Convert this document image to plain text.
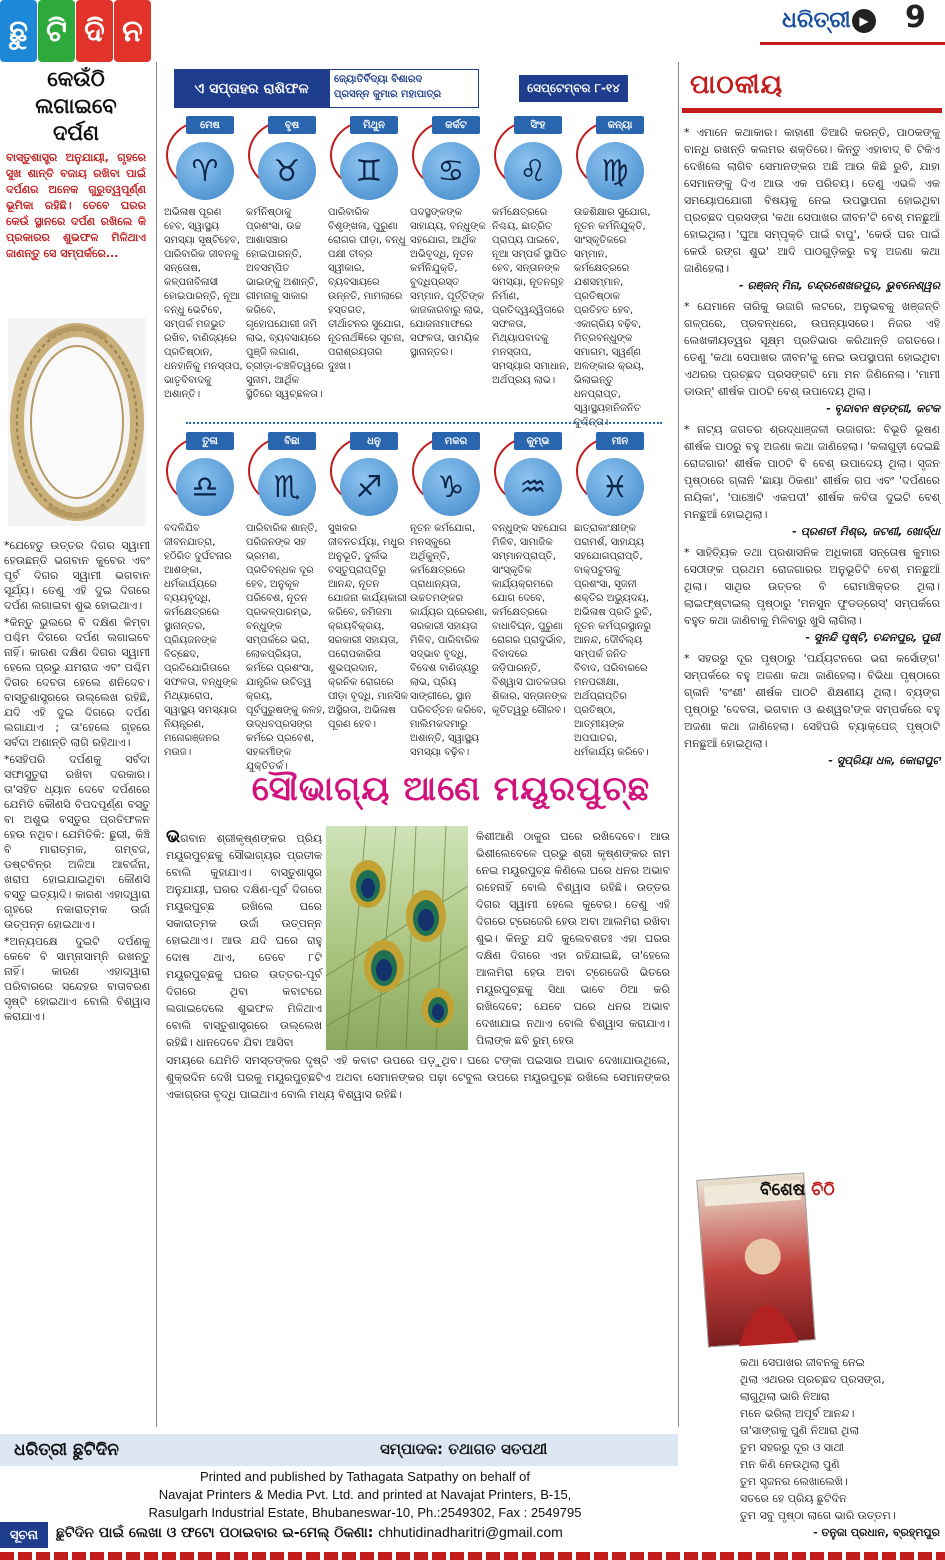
ଛୁ ଟି ଦି ନ	ଧରିତ୍ରୀ ▶ 9
କେଉଁଠି ଲଗାଇବେ ଦର୍ପଣ
ବାସ୍ତୁଶାସ୍ତ୍ର ଅନୁଯାୟୀ, ଗୃହରେ ସୁଖ ଶାନ୍ତି ବଜାୟ ରଖିବା ପାଇଁ ଦର୍ପଣର ଅନେକ ଗୁରୁତ୍ୱପୂର୍ଣ୍ଣ ଭୂମିକା ରହିଛି। ତେବେ ଘରର କେଉଁ ସ୍ଥାନରେ ଦର୍ପଣ ରଖିଲେ କି ପ୍ରକାରର ଶୁଭଫଳ ମିଳିଥାଏ ଜାଣନ୍ତୁ ସେ ସମ୍ପର୍କରେ...

*ଯେହେତୁ ଉତ୍ତର ଦିଗର ସ୍ୱାମୀ ହେଉଛନ୍ତି ଭଗବାନ କୁବେର ଏବଂ ପୂର୍ବ ଦିଗର ସ୍ୱାମୀ ଭଗବାନ ସୂର୍ଯ୍ୟ। ତେଣୁ ଏହି ଦୁଇ ଦିଗରେ ଦର୍ପଣ ଲଗାଇବା ଶୁଭ ହୋଇଥାଏ।

*କିନ୍ତୁ ଭୁଲରେ ବି ଦକ୍ଷିଣ କିମ୍ବା ପଶ୍ଚିମ ଦିଗରେ ଦର୍ପଣ ଲଗାଇବେ ନାହିଁ। କାରଣ ଦକ୍ଷିଣ ଦିଗର ସ୍ୱାମୀ ହେଲେ ପ୍ରଭୁ ଯମରାଜ ଏବଂ ପଶ୍ଚିମ ଦିଗର ଦେବତା ହେଲେ ଶନିଦେବ। ବାସ୍ତୁଶାସ୍ତ୍ରରେ ଉଲ୍ଲେଖ ରହିଛି, ଯଦି ଏହି ଦୁଇ ଦିଗରେ ଦର୍ପଣ ଲଗାଯାଏ ; ତା'ହେଲେ ଗୃହରେ ସର୍ବଦା ଅଶାନ୍ତି ଲାଗି ରହିଥାଏ।

*ସେହିପରି ଦର୍ପଣକୁ ସର୍ବଦା ସଫାସୁତୁରା ରଖିବା ଦରକାର। ତା'ସହିତ ଧ୍ୟାନ ଦେବେ ଦର୍ପଣରେ ଯେମିତି କୌଣସି ବିପଦପୂର୍ଣ୍ଣ ବସ୍ତୁ ବା ଅଶୁଭ ବସ୍ତୁର ପ୍ରତିଫଳନ ହେଉ ନଥିବ। ଯେମିତିକି: ଛୁରୀ, କିଞ୍ଚି ବି ମାରାତ୍ମକ, ଗମ୍ବଜ, ଡଷ୍ଟବିନ୍‌ର ଅଳିଆ ଆବର୍ଜନା, ଖରାପ ହୋଇଯାଇଥିବା କୌଣସି ବସ୍ତୁ ଇତ୍ୟାଦି। କାରଣ ଏହାଦ୍ୱାରା ଗୃହରେ ନକାରାତ୍ମକ ଉର୍ଜା ଉତ୍ପନ୍ନ ହୋଇଥାଏ।

*ଅନ୍ୟପକ୍ଷେ ଦୁଇଟି ଦର୍ପଣକୁ କେବେ ବି ସାମ୍ନାସାମ୍ନି ରଖନ୍ତୁ ନାହିଁ। କାରଣ ଏହାଦ୍ୱାରା ପରିବାରରେ ସନ୍ଦେହର ବାତାବରଣ ସୃଷ୍ଟି ହୋଇଥାଏ ବୋଲି ବିଶ୍ୱାସ କରାଯାଏ।

ଏ ସପ୍ତାହର ରାଶିଫଳ
ଜ୍ୟୋତିର୍ବିଦ୍ୟା ବିଶାରଦ
ପ୍ରସନ୍ନ କୁମାର ମହାପାତ୍ର	ସେପ୍ଟେମ୍ବର ୮-୧୪
ମେଷ
♈
ଅଭିଳାଷ ପୂରଣ ହେବ, ସ୍ୱାସ୍ଥ୍ୟ ସମସ୍ୟା ସୃଷ୍ଟିହେବ, ପାରିବାରିକ ଜୀବନକୁ ସନ୍ତୋଷ, କଳ୍ପନାବିଳାସୀ ହୋଇପାରନ୍ତି, ନୂଆ ବନ୍ଧୁ ଭେଟିବେ, ସମ୍ପର୍କ ମଜଭୁତ ରଖିବ, ବାଣିଜ୍ୟରେ ପ୍ରତିଷ୍ଠାନ, ଧନହାନିକୁ ମନସ୍ତାପ, ଭାତୃବିବାଦକୁ ଅଶାନ୍ତି।
ବୃଷ
♉
କର୍ମନିଷ୍ଠାକୁ ପ୍ରଶଂସା, ଉଚ୍ଚ ଆଶାସଞ୍ଚାର ହୋଇପାରନ୍ତି, ଅବସମ୍ପିତ ଭାଇଙ୍କୁ ଅଶାନ୍ତି, ଗୀମନାକୁ ସାକାର କରିବେ, ଗୃହୋପଯୋଗୀ ଜମି ଲାଭ, ବ୍ୟବସାୟରେ ପୁଞ୍ଜି ଲଗାଣ, ଚ୍ରୀଡ଼ା-ଚଞ୍ଚଳିତ୍ୱରେ ସୁନାମ, ଆର୍ଥିକ ସ୍ଥିତିରେ ସ୍ୱଚ୍ଛଳତା।
ମିଥୁନ
♊
ପାରିବାରିକ ବିଶୃଙ୍ଖଳା, ପୁରୁଣା ରୋଗର ପୀଡ଼ା, ବନ୍ଧୁ ପକ୍ଷୀ ତୀବ୍ର ସ୍ୱୀକାର, ବ୍ୟବସାୟରେ ଉନ୍ନତି, ମାମଲାରେ ହସ୍ତଗତ, ତୀର୍ଥାଟନର ସୁଯୋଗ, ନୂତନାର୍ଥଜ୍ଞିରେ ସୂଚନା, ପରାଶ୍ରୟତାର ଦୁଃଖ।
କର୍କଟ
♋
ପଦସ୍ଥଙ୍କଙ୍କ ସାହାଯ୍ୟ, ବନ୍ଧୁଙ୍କ ସହଯୋଗ, ଆର୍ଥିକ ଅଭିବୃଦ୍ଧି, ନୂତନ କର୍ମନିଯୁକ୍ତି, ବୁଦ୍ଧିପ୍ରସ୍ତ ସମ୍ମାନ, ପୂର୍ତ୍ତିଙ୍କ କାଜକାରବାରୁ ଲାଭ, ଯୋଜନାମାଫରେ ସଫଳତା, ସାମୟିକ ସ୍ଥାନାନ୍ତର।
ସିଂହ
♌
କର୍ମକ୍ଷେତ୍ରରେ ନିଶ୍ଚୟ, ଛାତ୍ରିତ ପ୍ରାପ୍ୟ ପାଇବେ, ନୂଆ ସମ୍ପର୍କ ସ୍ଥାପିତ ହେବ, ସନ୍ତାନଙ୍କ ସମସ୍ୟା, ନୂତନଗୃହ ନିର୍ମାଣ, ପ୍ରତିଦ୍ୱନ୍ଦ୍ୱିତାରେ ସଫଳତା, ମିଥ୍ୟାପବାଦକୁ ମନସ୍ତାପ, ସମସ୍ୟାର ସମାଧାନ, ଅର୍ଥପ୍ରୟ ଲାଭ।
କନ୍ୟା
♍
ଉଚ୍ଚଶିକ୍ଷାର ସୁଯୋଗ, ନୂତନ କର୍ମନିଯୁକ୍ତି, ସାଂସ୍କୃତିକରେ ସମ୍ମାନ, କର୍ମକ୍ଷେତ୍ରରେ ଯଶସମ୍ମାନ, ପ୍ରତିଷ୍ଠାକ ପ୍ରତିହତ ହେବ, ଏକାଗ୍ରିୟ ବଢ଼ିବ, ମିତ୍ରବନ୍ଧୁଙ୍କ ସମାଗମ, ସ୍ୱର୍ଣ୍ଣ ଅଳଙ୍କାର କ୍ରୟ, ଭିଲାଇନ୍ତୁ ଧନପ୍ରାପ୍ତ, ସ୍ୱାସ୍ଥ୍ୟହାନିଜନିତ ଦୁଶ୍ଚିନ୍ତା।
ତୁଳା
♎
ବଦଳିଯିବ ଜୀବନଯାତ୍ରା, ହଠିରିତ ଦୁର୍ଘଟନାର ଆଶଙ୍କା, ଧର୍ମକାର୍ଯ୍ୟରେ ବ୍ୟୟବୃଦ୍ଧି, କର୍ମକ୍ଷେତ୍ରରେ ସ୍ଥାନାନ୍ତର, ପ୍ରିୟଜନଙ୍କ ବିଚ୍ଛେଦ, ପ୍ରତିଯୋଗିତାରେ ସଫଳତା, ବନ୍ଧୁଙ୍କ ମିଥ୍ୟାରୋପ, ସ୍ୱାସ୍ଥ୍ୟ ସମସ୍ୟାର ନିୟନ୍ତ୍ରଣ, ମନୋରଞ୍ଜନର ମଉଜ।
ବିଛା
♏
ପାରିବାରିକ ଶାନ୍ତି, ପରିଜନଙ୍କ ସହ ଭ୍ରମଣ, ପ୍ରତିବନ୍ଧକ ଦୂର ହେବ, ଅନୁକୂଳ ପରିବେଶ, ନୂତନ ପ୍ରକଳ୍ପାରମ୍ଭ, ବନ୍ଧୁଙ୍କ ସମ୍ପର୍କରେ ଭରା, ଲୋକପ୍ରିୟତା, କର୍ମରେ ପ୍ରଶଂସା, ଯାନ୍ତ୍ରିକ ଉଚିତ୍ୱ କ୍ରୟ, ପୂର୍ବପୁରୁଷଙ୍କୁ କଳହ, ଉଦ୍ଧବପ୍ରସଙ୍ଗ କର୍ମରେ ପ୍ରବେଶ, ସହକର୍ମୀଙ୍କ ଯୁକ୍ତିତର୍କ।
ଧନୁ
♐
ସୁଖକର ଜୀବନଚର୍ଯ୍ୟା, ମଧୁର ଅନୁଭୂତି, ଦୁର୍ଲଭ ବସ୍ତୁପ୍ରାପ୍ତିରୁ ଆନନ୍ଦ, ନୂତନ ଯୋଜନା କାର୍ଯ୍ୟକାରୀ କରିବେ, ଜମିଜମା କ୍ରୟବିକ୍ରୟ, ସରକାରୀ ସହାୟତା, ପରୋପକାରିତା ଶୁଭପ୍ରଦାନ, କ୍ରନିକ ରୋଗରେ ପୀଡ଼ା ବୃଦ୍ଧି, ମାନସିକ ଅସ୍ଥିରତା, ଅଭିଳାଷ ପୂରଣ ହେବ।
ମକର
♑
ନୂତନ କର୍ମଯୋଗ, ମନସ୍କୁରେ ଅର୍ଥିକୁନ୍ତି, କର୍ମକ୍ଷେତ୍ରରେ ପ୍ରାଧାନ୍ୟତା, ଉଚ୍ଚତମଙ୍କର କାର୍ଯ୍ୟର ପ୍ରେରଣା, ସରକାରୀ ସହାୟତା ମିଳିବ, ପାରିବାରିକ ସଦ୍ଭାବ ବୃଦ୍ଧି, ବିଦେଶ ବାଣିଜ୍ୟରୁ ଲାଭ, ପ୍ରିୟ ସାଙ୍ଗୀରେ, ସ୍ଥାନ ପରିବର୍ତ୍ତନ କରିବେ, ମାଲିମକଦମାରୁ ଅଶାନ୍ତି, ସ୍ୱାସ୍ଥ୍ୟ ସମସ୍ୟା ବଢ଼ିବ।
କୁମ୍ଭ
♒
ବନ୍ଧୁଙ୍କ ସହଯୋଗ ମିଳିବ, ସାମାଜିକ ସମ୍ମାନପ୍ରାପ୍ତି, ସାଂସ୍କୃତିକ କାର୍ଯ୍ୟକ୍ରମରେ ଯୋଗ ଦେବେ, କର୍ମକ୍ଷେତ୍ରରେ ବାଧାବିଘ୍ନ, ପୁରୁଣା ରୋଗର ପ୍ରାଦୁର୍ଭାବ, ବିବାଦରେ ଜଡ଼ିପାରନ୍ତି, ବିଶ୍ୱାସ ଘାତକତାର ଶିକାର, ସନ୍ତାନଙ୍କ କୃତିତ୍ୱରୁ ଗୌରବ।
ମୀନ
♓
ଛାତ୍ରାକାଂକ୍ଷୀଙ୍କ ପରାମର୍ଶ, ସାହାଯ୍ୟ ସହଯୋଗପ୍ରାପ୍ତି, ବାକ୍ପଟୁତାକୁ ପ୍ରଶଂସା, ସୃଜନୀ ଶକ୍ତିର ଅଭ୍ୟୁଦୟ, ଅଭିଳାଷ ପ୍ରତି ରୁଚି, ନୂତନ କର୍ମପ୍ରସ୍ଥାନରୁ ଆନନ୍ଦ, ଦୌର୍ବଲ୍ୟ ସମ୍ପର୍କ ଜନିତ ବିବାଦ, ପରିବାରରେ ମନପରୀକ୍ଷା, ଅର୍ଥପ୍ରାପ୍ତିର ପ୍ରତିଷ୍ଠା, ଆତ୍ମୀୟଙ୍କ ଅପଘାତର, ଧର୍ମକାର୍ଯ୍ୟ କରିବେ।
ସୌଭାଗ୍ୟ ଆଣେ ମୟୂରପୁଚ୍ଛ
ଭଗବାନ ଶ୍ରୀକୃଷ୍ଣଙ୍କର ପ୍ରିୟ ମୟୂରପୁଚ୍ଛକୁ ସୌଭାଗ୍ୟର ପ୍ରତୀକ ବୋଲି କୁହାଯାଏ। ବାସ୍ତୁଶାସ୍ତ୍ର ଅନୁଯାୟୀ, ଘରର ଦକ୍ଷିଣ-ପୂର୍ବ ଦିଗରେ ମୟୂରପୁଚ୍ଛ ରଖିଲେ ଘରେ ସକାରାତ୍ମକ ଉର୍ଜା ଉତ୍ପନ୍ନ ହୋଇଥାଏ। ଆଉ ଯଦି ଘରେ ରାହୁ ଦୋଷ ଥାଏ, ତେବେ ୮ଟି ମୟୂରପୁଚ୍ଛକୁ ଘରର ଉତ୍ତର-ପୂର୍ବ ଦିଗରେ ଥିବା କବାଟରେ ଲଗାଇଦେଲେ ଶୁଭଫଳ ମିଳିଥାଏ ବୋଲି ବାସ୍ତୁଶାସ୍ତ୍ରରେ ଉଲ୍ଲେଖ ରହିଛି। ଧାନଦେବେ ଯିବା ଆସିବା
କିଶୀଆଣି ଠାକୁର ଘରେ ରଖିଦେବେ। ଆଉ ଭିଶୀଲେବେଳେ ପ୍ରଭୁ ଶ୍ରୀ କୃଷ୍ଣଙ୍କର ନାମ ନେଇ ମୟୂରପୁଚ୍ଛ କିଣିଲେ ଘରେ ଧନର ଅଭାବ ରହେନାହିଁ ବୋଲି ବିଶ୍ୱାସ ରହିଛି। ଉତ୍ତର ଦିଗର ସ୍ୱାମୀ ହେଲେ କୁବେର। ତେଣୁ ଏହି ଦିଗରେ ଟ୍ରେଜେରି ହେଉ ଅବା ଆଲମିରା ରଖିବା ଶୁଭ। କିନ୍ତୁ ଯଦି କୁଲେବଶତଃ ଏହା ଘରର ଦକ୍ଷିଣ ଦିଗରେ ଏହା ରହିଯାଇଛି, ତା'ହେଲେ ଆଲମିରା ହେଉ ଅବା ଟ୍ରେଜେରି ଭିତରେ ମୟୂରପୁଚ୍ଛକୁ ସିଧା ଭାବେ ଠିଆ କରି ରଖିଦେବେ; ଯେବେ ଘରେ ଧନର ଅଭାବ ଦେଖାଯାଇ ନଥାଏ ବୋଲି ବିଶ୍ୱାସ କରାଯାଏ। ପିଲାଙ୍କ ଛବି ରୁମ୍ ହେଉ
ସମୟରେ ଯେମିତି ସମସ୍ତଙ୍କର ଦୃଷ୍ଟି ଏହି କବାଟ ଉପରେ ପଡ଼ୁଥିବ। ଘରେ ଟଙ୍କା ପଇସାର ଅଭାବ ଦେଖାଯାଉଥିଲେ, ଶୁକ୍ରଦିନ ଦେଖି ଘରକୁ ମୟୂରପୁଚ୍ଛଟିଏ ଅଥବା ସେମାନଙ୍କର ପଢ଼ା ଟେବୁଲ ଉପରେ ମୟୂରପୁଚ୍ଛ ରଖିଲେ ସେମାନଙ୍କର ଏକାଗ୍ରତା ବୃଦ୍ଧି ପାଇଥାଏ ବୋଲି ମଧ୍ୟ ବିଶ୍ୱାସ ରହିଛି।
ପାଠକୀୟ
* ଏମାନେ କଥାକାର। କାହାଣୀ ତିଆରି କରନ୍ତି, ପାଠକଙ୍କୁ ବାନ୍ଧି ରଖନ୍ତି କଲମର ଶକ୍ତିରେ। କିନ୍ତୁ ଏହାବାଦ୍ ବି ଟିକିଏ ଦେଖିଲେ ଲାଗିବ ସେମାନଙ୍କର ଅଛି ଆଉ କିଛି ରୁଚି, ଯାହା ସେମାନଙ୍କୁ ଦିଏ ଆଉ ଏକ ପରିଚୟ। ତେଣୁ ଏଭଳି ଏକ ସମୟୋପଯୋଗୀ ବିଷୟକୁ ନେଇ ଉପସ୍ଥାପନା ହୋଇଥିବା ପ୍ରଚ୍ଛଦ ପ୍ରସଙ୍ଗ 'କଥା ସେପାଖର ଜୀବନ'ଟି ବେଶ୍ ମନଛୁଆଁ ହୋଇଥିଲା। 'ଘୁଆ ସମ୍ପୃକ୍ତି ପାଇଁ ବାପୁ', 'କେଉଁ ଘର ପାଇଁ କେଉଁ ରଙ୍ଗ ଶୁଭ' ଆଦି ପାଠଗୁଡ଼ିକରୁ ବହୁ ଅଜଣା କଥା ଜାଣିହେଲା।
- ରଞ୍ଜନ୍ ମିନା, ଚନ୍ଦ୍ରଶେଖରପୁର, ଭୁବନେଶ୍ୱର
* ଯେମାନେ ତାରିକୁ ଉଜାଗି ଲଟରେ, ଅନୁଭବକୁ ଖଞ୍ଜନ୍ତି ଗଳ୍ପରେ, ପ୍ରବନ୍ଧରେ, ଉପନ୍ୟାସରେ। ନିଜର ଏହି ଲେଖକୀୟତ୍ୱର ସୂକ୍ଷ୍ମ ପ୍ରତିଭାର କରିଥାନ୍ତି ଜଗତରେ। ତେଣୁ 'କଥା ସେପାଖର ଜୀବନ'କୁ ନେଇ ଉପସ୍ଥାପନା ହୋଇଥିବା ଏଥରର ପ୍ରଚ୍ଛଦ ପ୍ରସଙ୍ଗଟି ମୋ ମନ ଜିଣିନେଲା। 'ମାମୀ ଡାଉନ୍' ଶୀର୍ଷକ ପାଠଟି ବେଶ୍ ଉପାଦେୟ ଥିଲା।
- ବୃନ୍ଦାବନ ଷଡ଼ଙ୍ଗୀ, କଟକ
* ନାଟ୍ୟ ଜଗତର ଶ୍ରଦ୍ଧାଞ୍ଜଳୀ ଉଜାଗର: ବିଭୂତି ଭୂଷଣ ଶୀର୍ଷକ ପାଠରୁ ବହୁ ଅଜଣା କଥା ଜାଣିହେଲା। 'କଳାଗୁଡ଼ୀ ଦେଇଛି ରୋଜଗାର' ଶୀର୍ଷକ ପାଠଟି ବି ବେଶ୍ ଉପାଦେୟ ଥିଲା। ସୃଜନ ପୃଷ୍ଠାରେ ଗ୍ଳାନି 'ଛାୟା ଠିକଣା' ଶୀର୍ଷକ ଗପ ଏବଂ 'ଦର୍ପଣରେ ନାୟିକା', 'ପାଞ୍ଚୋଟି ଏକପଦୀ' ଶୀର୍ଷକ କବିତା ଦୁଇଟି ବେଶ୍ ମନଛୁଆଁ ହୋଇଥିଲା।
- ପ୍ରଣତୀ ମିଶ୍ର, ଜଟଣୀ, ଖୋର୍ଦ୍ଧା
* ସାହିତ୍ୟିକ ତଥା ପ୍ରଶାସନିକ ଅଧିକାରୀ ସନ୍ତୋଷ କୁମାର ସେଠୀଙ୍କ ପ୍ରଥମ ରୋଜଗାରର ଅନୁଭୂତିଟି ବେଶ୍ ମନଛୁଆଁ ଥିଲା। ସାଥିର ଉତ୍ତର ବି ରୋମାଞ୍ଚିକ୍ତର ଥିଲା। ଲାଇଫ୍‌ଷ୍ଟାଇଲ୍ ପୃଷ୍ଠାରୁ 'ମନସୁନ ଫୁଡଡ୍ରେସ୍' ସମ୍ପର୍କରେ ବହୁତ କଥା ଜାଣିବାକୁ ମିଳିବାରୁ ଖୁସି ଲାଗିଲା।
- ସୁନନ୍ଦି ପୃଷ୍ଟି, ଚନ୍ଦନପୁର, ପୁରୀ
* ସହରରୁ ଦୂର ପୃଷ୍ଠାରୁ 'ପର୍ଯ୍ୟଟନରେ ଭରା କର୍ସୋଙ୍ଗ' ସମ୍ପର୍କରେ ବହୁ ଅଜଣା କଥା ଜାଣିହେଲା। ବିଭିଧା ପୃଷ୍ଠାରେ ଗ୍ଳାନି 'ବଂଶୀ' ଶୀର୍ଷକ ପାଠଟି ଶିକ୍ଷଣୀୟ ଥିଲା। ବ୍ୟଙ୍ଗ ପୃଷ୍ଠାରୁ 'ଦେବତା, ଭଗବାନ ଓ ଈଶ୍ୱର'ଙ୍କ ସମ୍ପର୍କରେ ବହୁ ଅଜଣା କଥା ଜାଣିହେଲା। ସେହିପରି ବ୍ୟାକ୍‌ପେଜ୍ ପୃଷ୍ଠାଟି ମନଛୁଆଁ ହୋଇଥିଲା।
- ସୁପ୍ରିୟା ଧଳ, କୋରାପୁଟ
ବିଶେଷ ଚିଠି
କଥା ସେପାଖର ଜୀବନକୁ ନେଇ
ଥିଲା ଏଥରର ପ୍ରଚ୍ଛଦ ପ୍ରସଙ୍ଗ,
ଲାଗୁଥିଲା ଭାରି ନିଆରା
ମନେ ଭରିଲା ଅପୂର୍ବ ଆନନ୍ଦ।
ତା'ସାଙ୍ଗକୁ ପୁଣି ନିଆରା ଥିଲା
ତୁମ ସହରରୁ ଦୂର ଓ ସାଥୀ
ମନ କିଣି ନେଉଥିଲା ପୁଣି
ତୁମ ସୃଜନର ଲେଖାଲେଖି।
ସତରେ ହେ ପ୍ରିୟ ଛୁଟିଦିନ
ତୁମ ସବୁ ପୃଷ୍ଠା ଲାଗେ ଭାରି ଉତ୍ତମ।
- ତନୁଜା ପ୍ରଧାନ, ବ୍ରହ୍ମପୁର
ଧରିତ୍ରୀ ଛୁଟିଦିନ	ସମ୍ପାଦକ: ତଥାଗତ ସତପଥୀ
Printed and published by Tathagata Satpathy on behalf of
Navajat Printers & Media Pvt. Ltd. and printed at Navajat Printers, B-15,
Rasulgarh Industrial Estate, Bhubaneswar-10, Ph.:2549302, Fax : 2549795
ସୂଚନା	ଛୁଟିଦିନ ପାଇଁ ଲେଖା ଓ ଫଟୋ ପଠାଇବାର ଇ-ମେଲ୍ ଠିକଣା: chhutidinadharitri@gmail.com
